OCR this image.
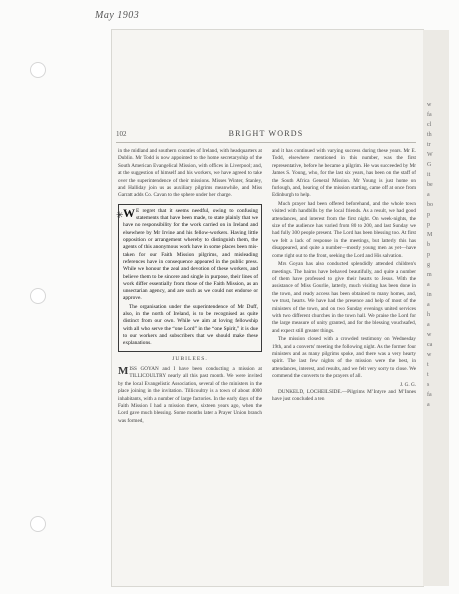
May 1903
102	BRIGHT WORDS

in the midland and southern counties of Ireland, with headquarters at Dublin. Mr Todd is now appointed to the home secretaryship of the South American Evangelical Mission, with offices in Liverpool; and, at the suggestion of himself and his workers, we have agreed to take over the superintendence of their missions. Misses Winter, Stanley, and Halliday join us as auxiliary pilgrims meanwhile, and Miss Garratt adds Co. Cavan to the sphere under her charge.

W E regret that it seems needful, owing to confusing statements that have been made, to state plainly that we have no responsibility for the work carried on in Ireland and elsewhere by Mr Irvine and his fellow-workers. Having little opposition or arrangement whereby to distinguish them, the agents of this anonymous work have in some places been mis-taken for our Faith Mission pilgrims, and misleading references have in consequence appeared in the public press. While we honour the zeal and devotion of these workers, and believe them to be sincere and single in purpose, their lines of work differ essentially from those of the Faith Mission, as an unsectarian agency, and are such as we could not endorse or approve.

The organisation under the superintendence of Mr Duff, also, in the north of Ireland, is to be recognised as quite distinct from our own. While we aim at loving fellowship with all who serve the “one Lord” in the “one Spirit,” it is due to our workers and subscribers that we should make these explanations.

JUBILEES.
M ISS GOYAN and I have been conducting a mission at TILLICOULTRY nearly all this past month. We were invited by the local Evangelistic Association, several of the ministers in the place joining in the invitation. Tillicoultry is a town of about 4000 inhabitants, with a number of large factories. In the early days of the Faith Mission I had a mission there, sixteen years ago, when the Lord gave much blessing. Some months later a Prayer Union branch was formed,

and it has continued with varying success during these years. Mr E. Todd, elsewhere mentioned in this number, was the first representative, before he became a pilgrim. He was succeeded by Mr James S. Young, who, for the last six years, has been on the staff of the South Africa General Mission. Mr Young is just home on furlough, and, hearing of the mission starting, came off at once from Edinburgh to help.

Much prayer had been offered beforehand, and the whole town visited with handbills by the local friends. As a result, we had good attendances, and interest from the first night. On week-nights, the size of the audience has varied from 80 to 200, and last Sunday we had fully 300 people present. The Lord has been blessing too. At first we felt a lack of response in the meetings, but latterly this has disappeared, and quite a number—mostly young men as yet—have come right out to the front, seeking the Lord and His salvation.

Mrs Goyan has also conducted splendidly attended children's meetings. The bairns have behaved beautifully, and quite a number of them have professed to give their hearts to Jesus. With the assistance of Miss Gourlie, latterly, much visiting has been done in the town, and ready access has been obtained to many homes, and, we trust, hearts. We have had the presence and help of most of the ministers of the town, and on two Sunday evenings united services with two different churches in the town hall. We praise the Lord for the large measure of unity granted, and for the blessing vouchsafed, and expect still greater things.

The mission closed with a crowded testimony on Wednesday 19th, and a converts' meeting the following night. As the former four ministers and as many pilgrims spoke, and there was a very hearty spirit. The last few nights of the mission were the best, in attendances, interest, and results, and we felt very sorry to close. We commend the converts to the prayers of all.

J. G. G.

DUNKELD, LOCHEILSIDE.—Pilgrims M’Intyre and M’Innes have just concluded a ten

✳
w
fa
cl
th
tr
W
G
it
be
a
bo
p
p
M
b
p
g
m
a
in
a
h
a
w
ca
w
t
t
s
fa
a
